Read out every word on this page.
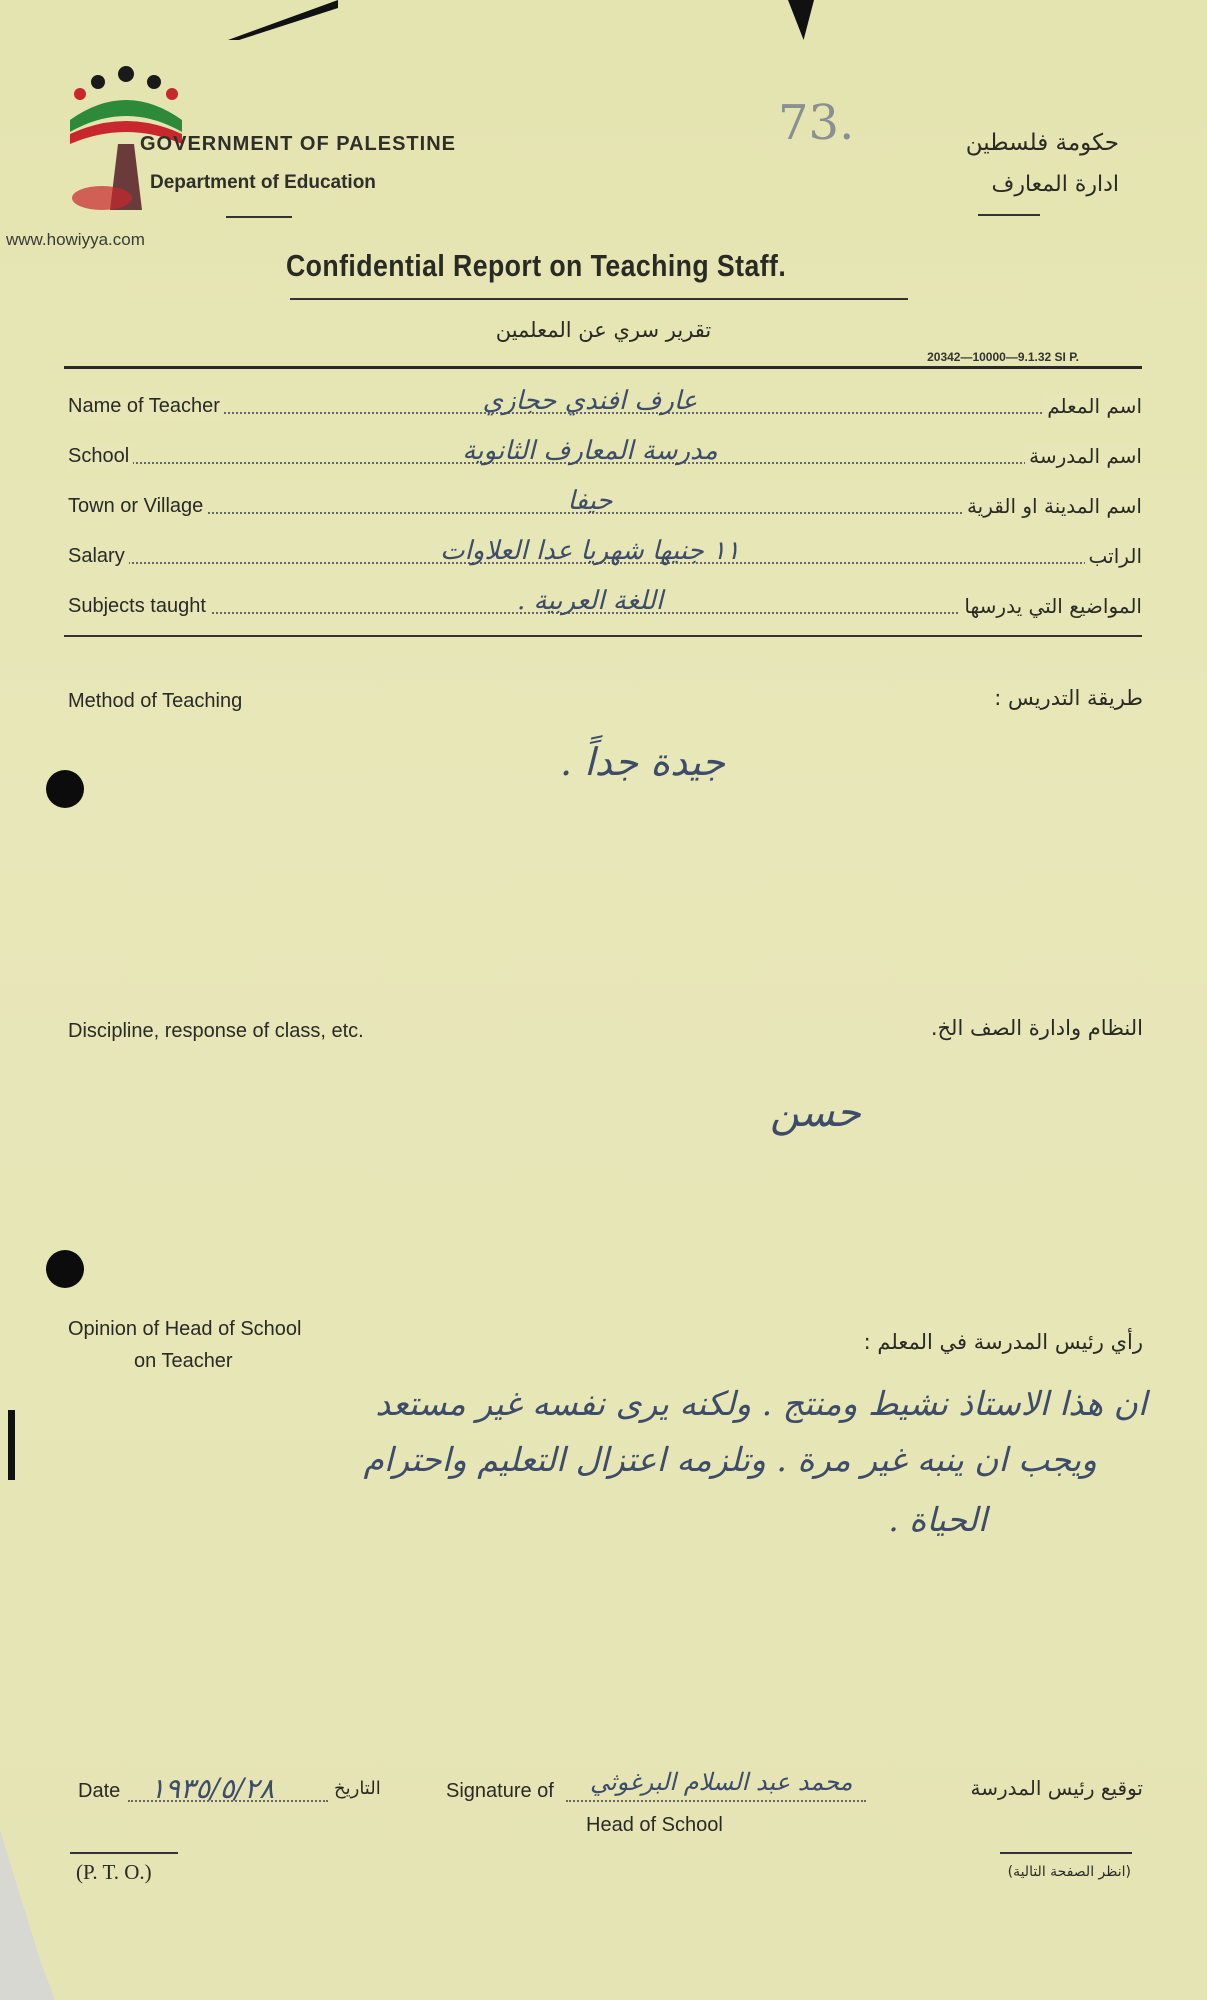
www.howiyya.com
GOVERNMENT OF PALESTINE
Department of Education
73.	حكومة فلسطين
ادارة المعارف
Confidential Report on Teaching Staff.
تقرير سري عن المعلمين
20342—10000—9.1.32 SI P.
Name of Teacher	اسم المعلم
عارف افندي حجازي
School	اسم المدرسة
مدرسة المعارف الثانوية
Town or Village	اسم المدينة او القرية
حيفا
Salary	الراتب
١١ جنيها شهريا عدا العلاوات
Subjects taught	المواضيع التي يدرسها
اللغة العربية .
Method of Teaching	طريقة التدريس :
جيدة جداً .
Discipline, response of class, etc.	النظام وادارة الصف الخ.
حسن
Opinion of Head of School
on Teacher
رأي رئيس المدرسة في المعلم :
ان هذا الاستاذ نشيط ومنتج . ولكنه يرى نفسه غير مستعد
ويجب ان ينبه غير مرة . وتلزمه اعتزال التعليم واحترام
الحياة .
Date ١٩٣٥/٥/٢٨	التاريخ	Signature of محمد عبد السلام البرغوثي
Head of School
توقيع رئيس المدرسة
(P. T. O.)	(انظر الصفحة التالية)
